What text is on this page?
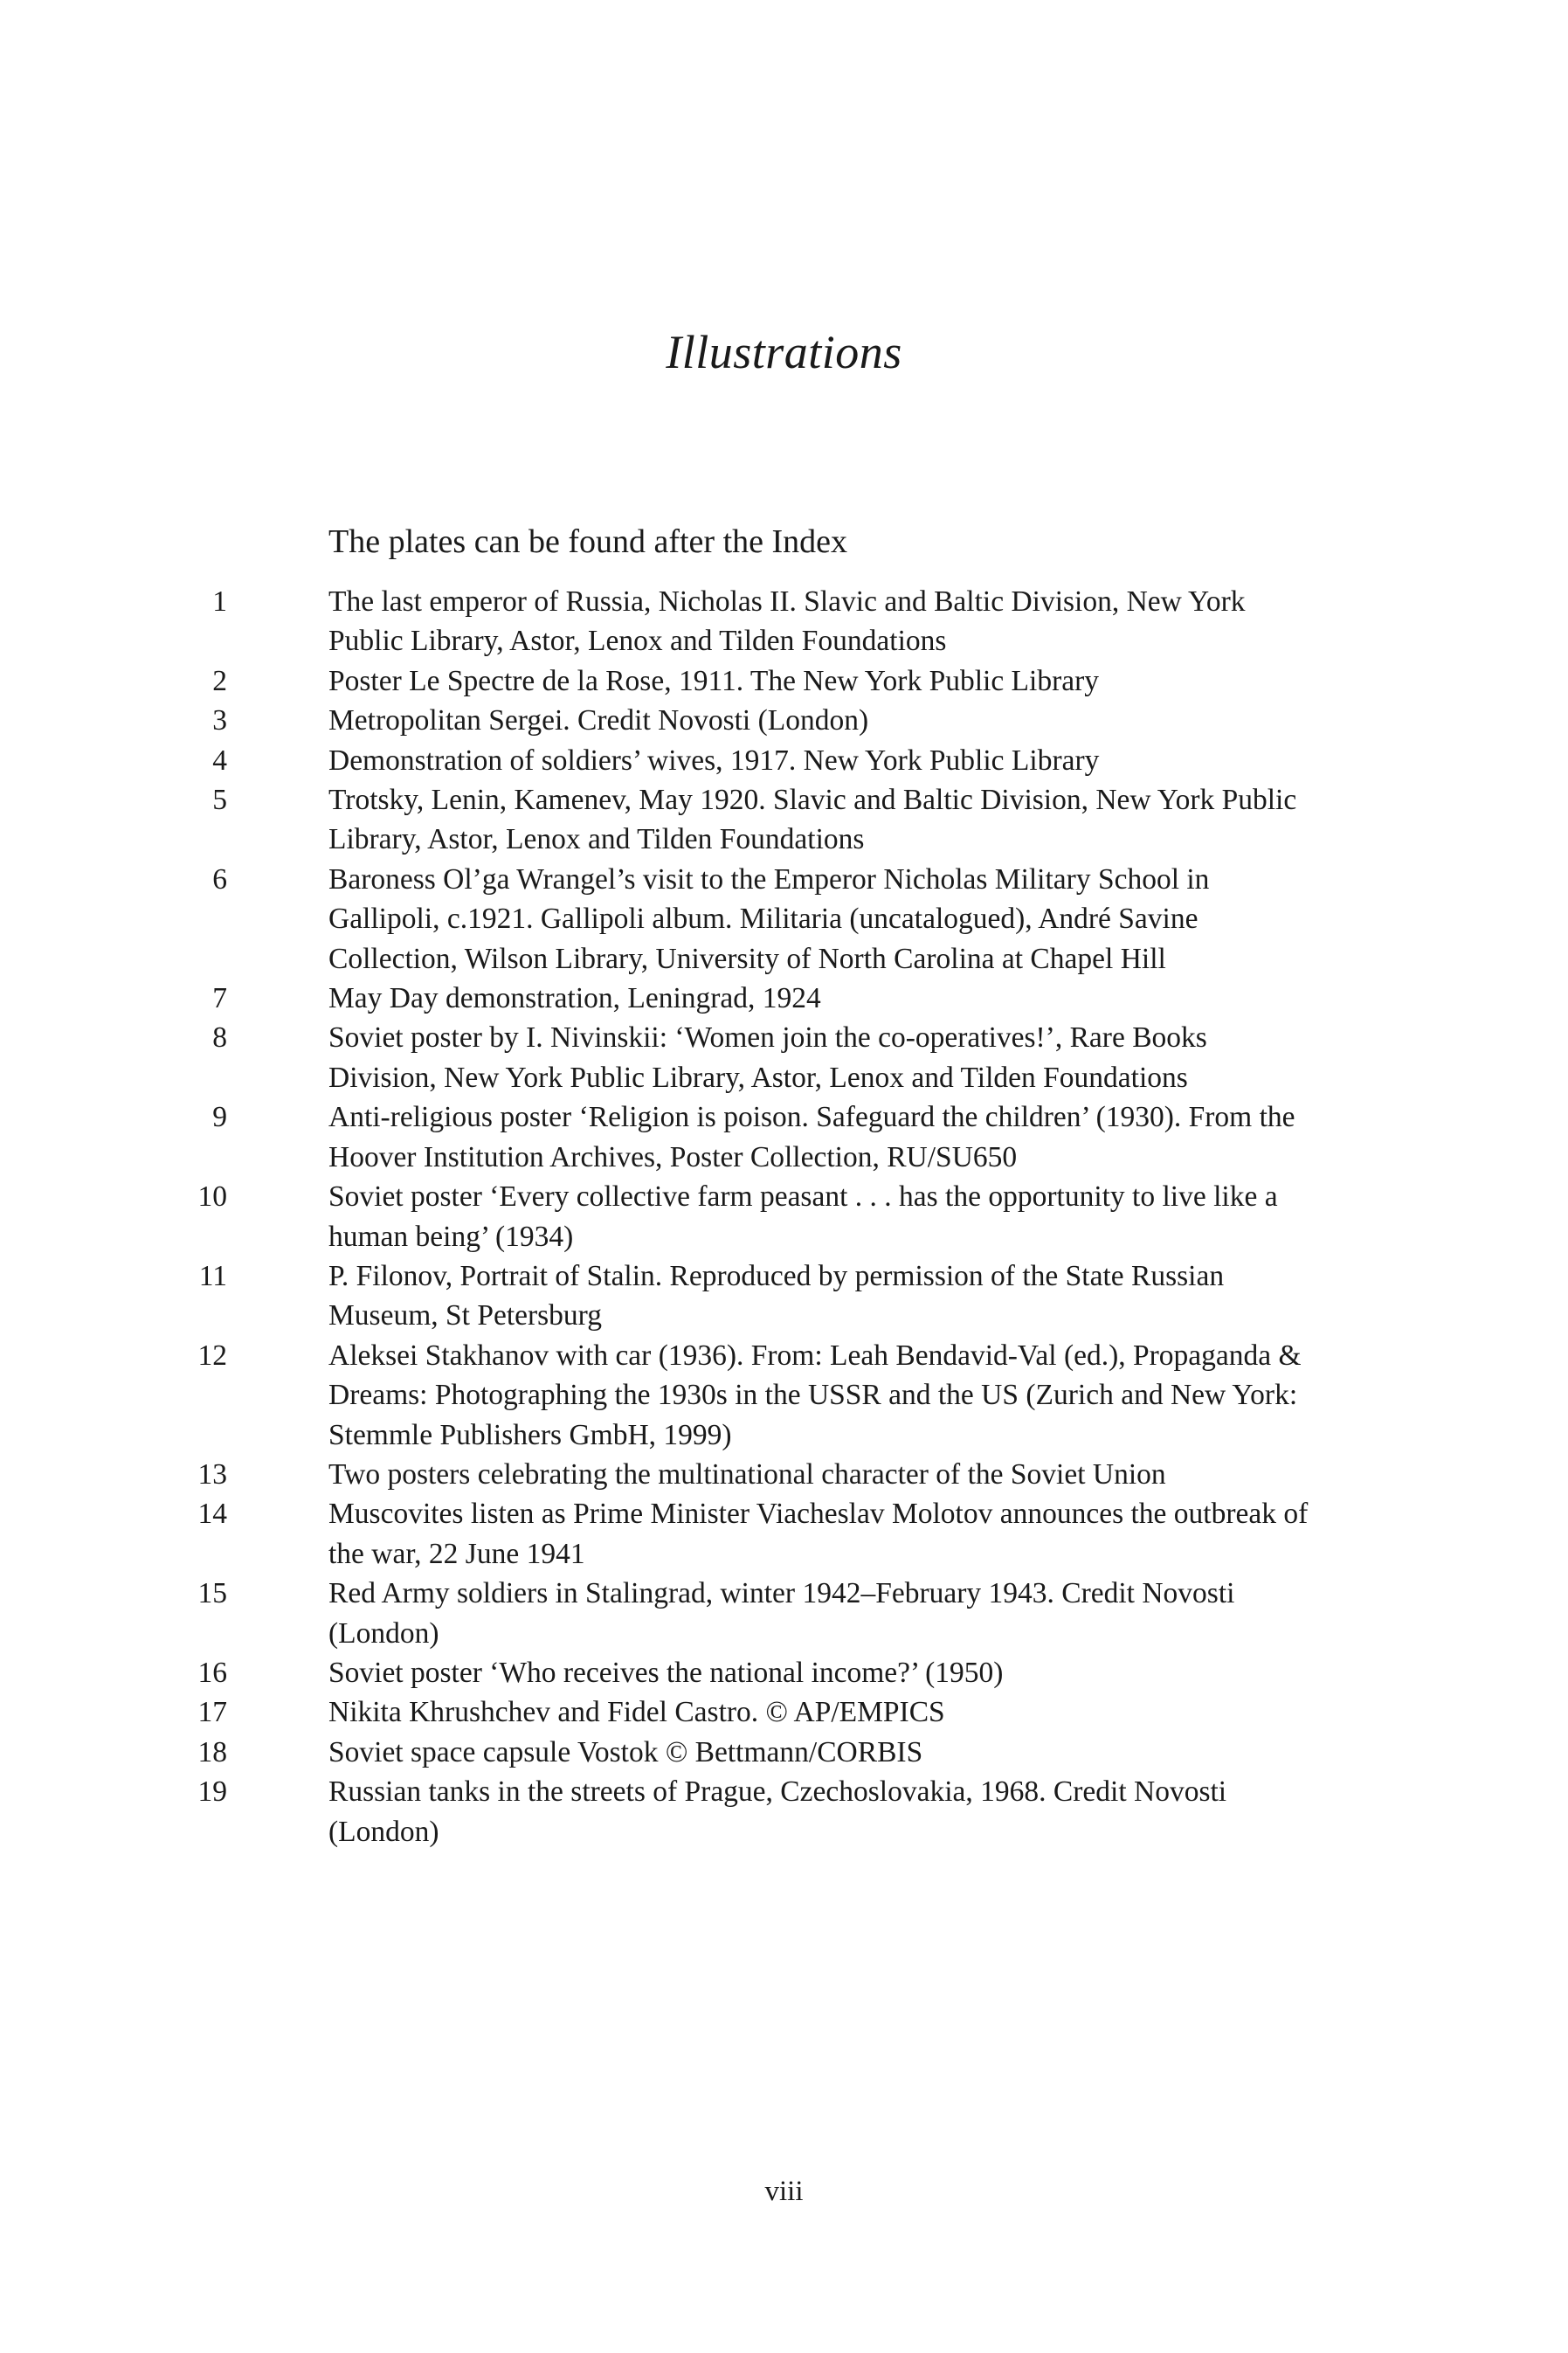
Illustrations

The plates can be found after the Index

1	The last emperor of Russia, Nicholas II. Slavic and Baltic Division, New York Public Library, Astor, Lenox and Tilden Foundations
2	Poster Le Spectre de la Rose, 1911. The New York Public Library
3	Metropolitan Sergei. Credit Novosti (London)
4	Demonstration of soldiers’ wives, 1917. New York Public Library
5	Trotsky, Lenin, Kamenev, May 1920. Slavic and Baltic Division, New York Public Library, Astor, Lenox and Tilden Foundations
6	Baroness Ol’ga Wrangel’s visit to the Emperor Nicholas Military School in Gallipoli, c.1921. Gallipoli album. Militaria (uncatalogued), André Savine Collection, Wilson Library, University of North Carolina at Chapel Hill
7	May Day demonstration, Leningrad, 1924
8	Soviet poster by I. Nivinskii: ‘Women join the co-operatives!’, Rare Books Division, New York Public Library, Astor, Lenox and Tilden Foundations
9	Anti-religious poster ‘Religion is poison. Safeguard the children’ (1930). From the Hoover Institution Archives, Poster Collection, RU/SU650
10	Soviet poster ‘Every collective farm peasant . . . has the opportunity to live like a human being’ (1934)
11	P. Filonov, Portrait of Stalin. Reproduced by permission of the State Russian Museum, St Petersburg
12	Aleksei Stakhanov with car (1936). From: Leah Bendavid-Val (ed.), Propaganda & Dreams: Photographing the 1930s in the USSR and the US (Zurich and New York: Stemmle Publishers GmbH, 1999)
13	Two posters celebrating the multinational character of the Soviet Union
14	Muscovites listen as Prime Minister Viacheslav Molotov announces the outbreak of the war, 22 June 1941
15	Red Army soldiers in Stalingrad, winter 1942–February 1943. Credit Novosti (London)
16	Soviet poster ‘Who receives the national income?’ (1950)
17	Nikita Khrushchev and Fidel Castro. © AP/EMPICS
18	Soviet space capsule Vostok © Bettmann/CORBIS
19	Russian tanks in the streets of Prague, Czechoslovakia, 1968. Credit Novosti (London)
viii
